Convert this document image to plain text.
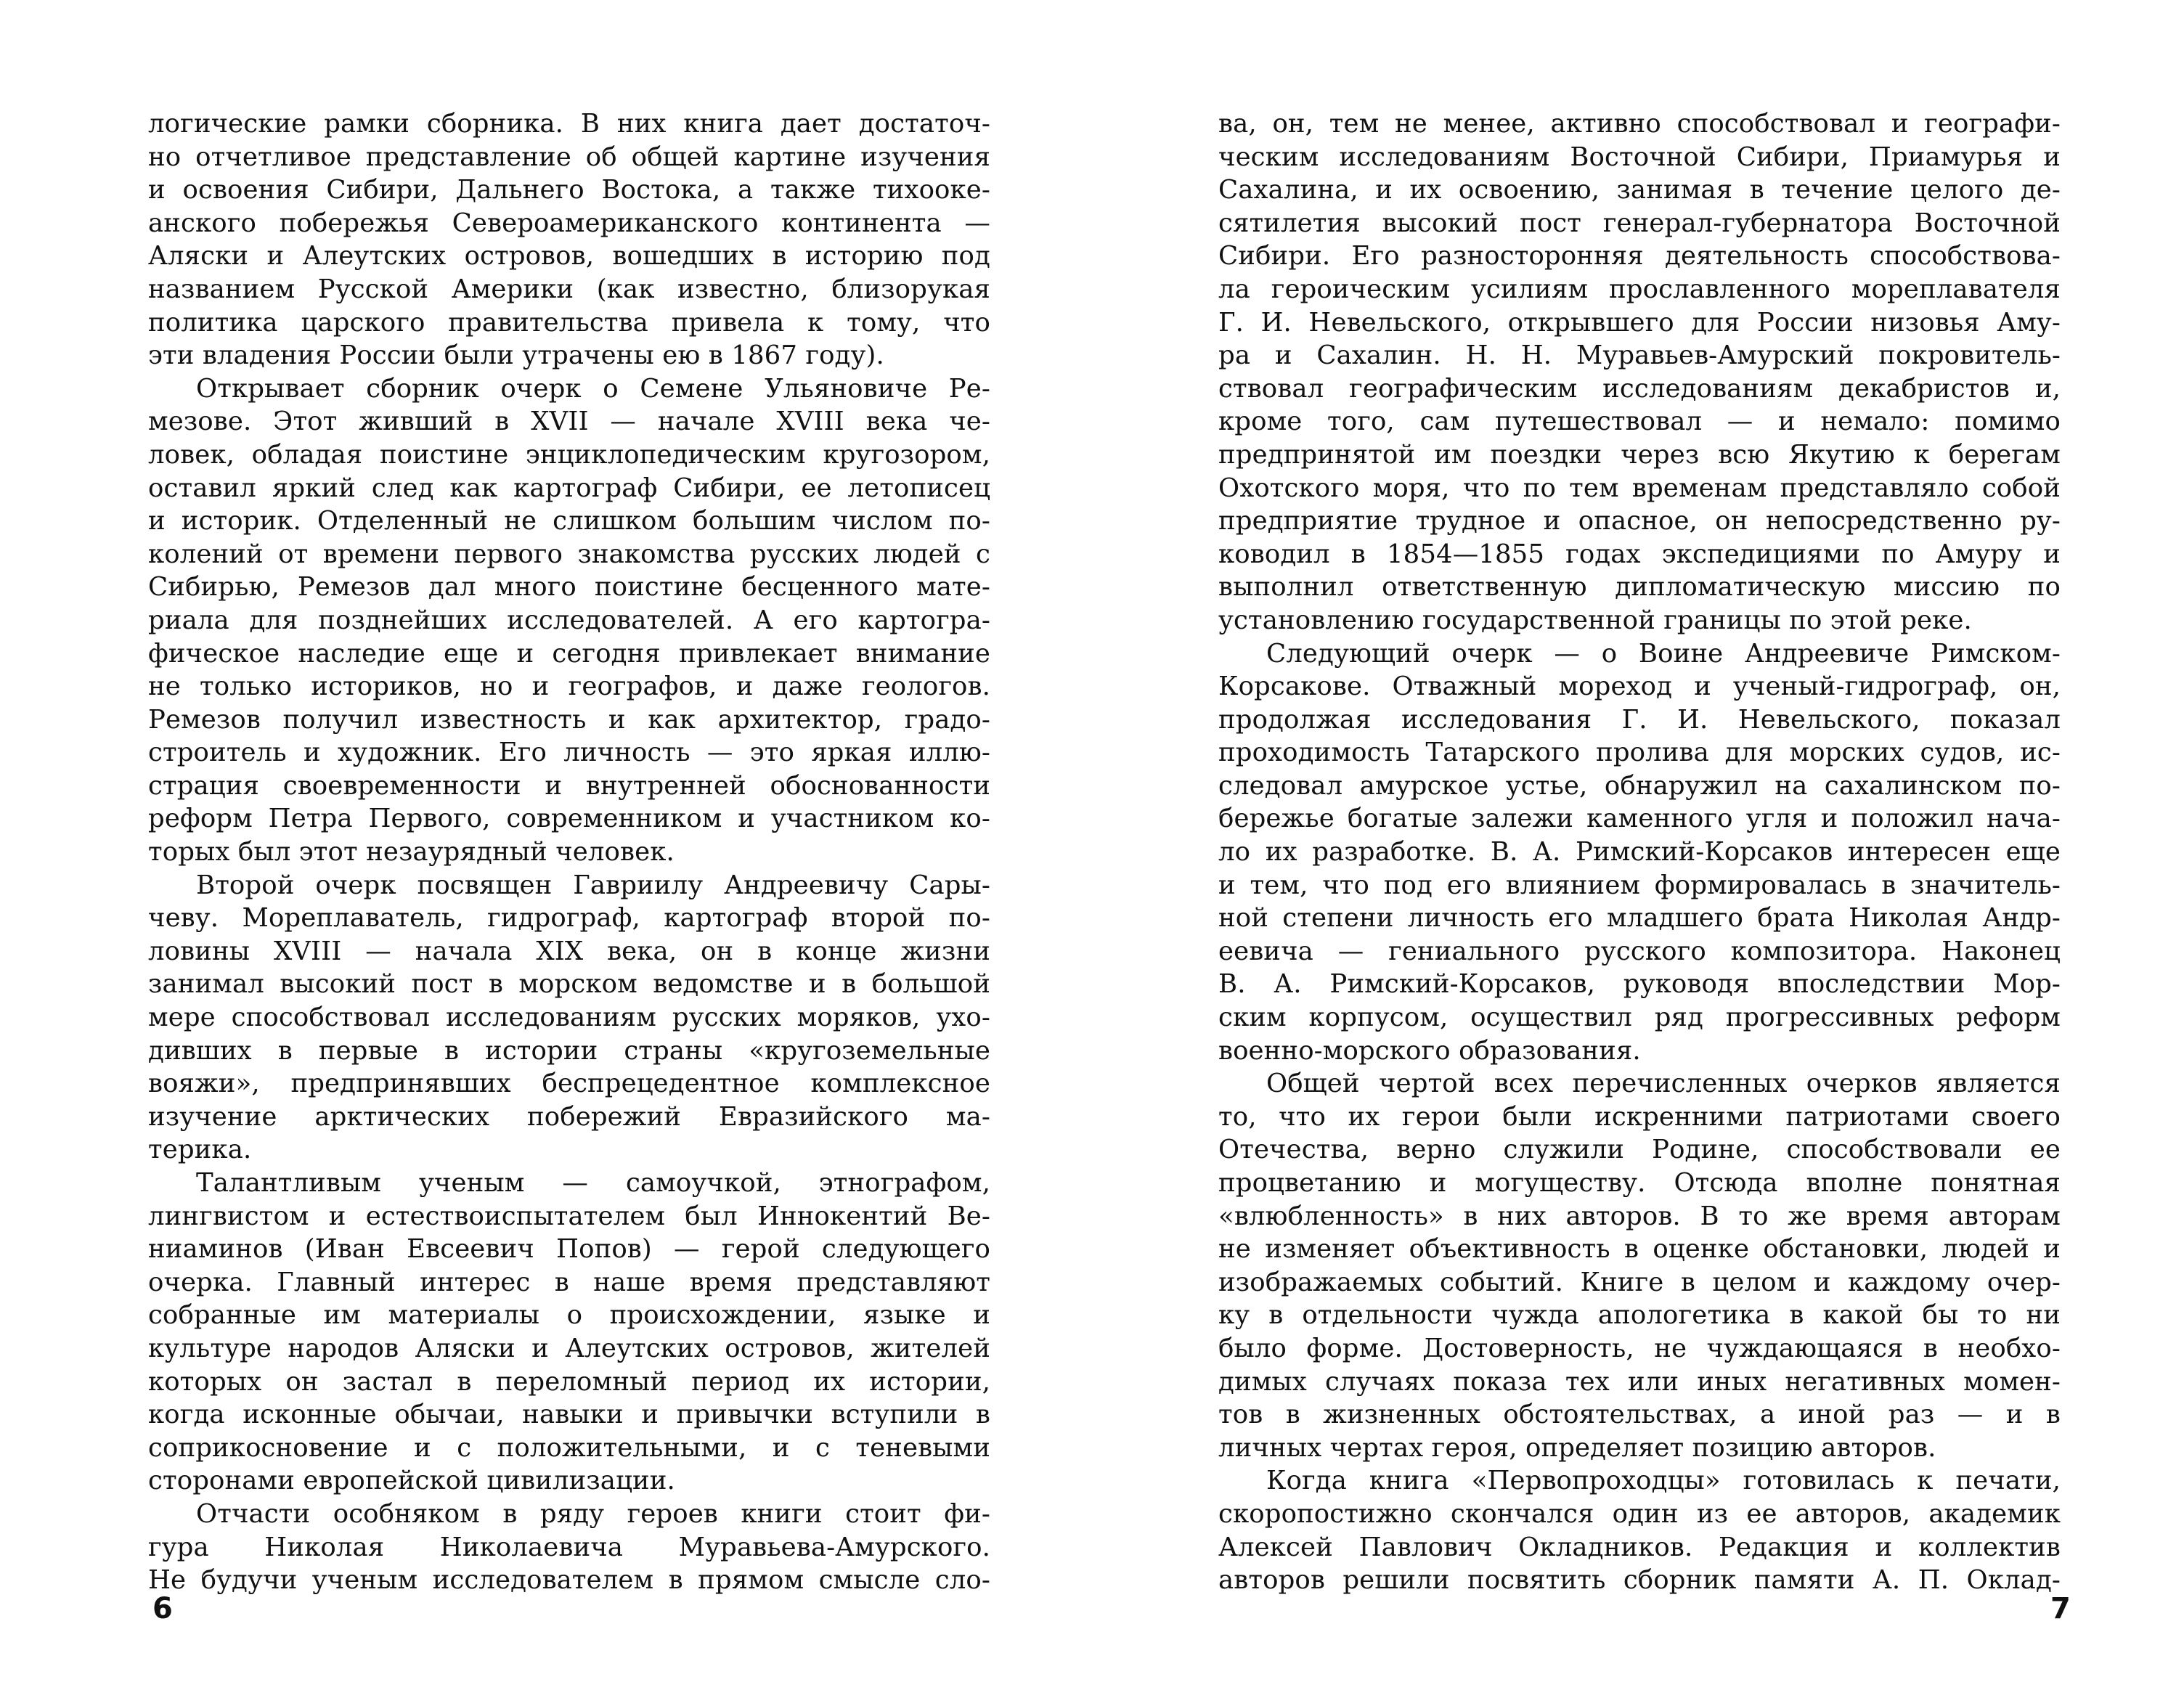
логические рамки сборника. В них книга дает достаточ-
но отчетливое представление об общей картине изучения
и освоения Сибири, Дальнего Востока, а также тихооке-
анского побережья Североамериканского континента —
Аляски и Алеутских островов, вошедших в историю под
названием Русской Америки (как известно, близорукая
политика царского правительства привела к тому, что
эти владения России были утрачены ею в 1867 году).
Открывает сборник очерк о Семене Ульяновиче Ре-
мезове. Этот живший в XVII — начале XVIII века че-
ловек, обладая поистине энциклопедическим кругозором,
оставил яркий след как картограф Сибири, ее летописец
и историк. Отделенный не слишком большим числом по-
колений от времени первого знакомства русских людей с
Сибирью, Ремезов дал много поистине бесценного мате-
риала для позднейших исследователей. А его картогра-
фическое наследие еще и сегодня привлекает внимание
не только историков, но и географов, и даже геологов.
Ремезов получил известность и как архитектор, градо-
строитель и художник. Его личность — это яркая иллю-
страция своевременности и внутренней обоснованности
реформ Петра Первого, современником и участником ко-
торых был этот незаурядный человек.
Второй очерк посвящен Гавриилу Андреевичу Сары-
чеву. Мореплаватель, гидрограф, картограф второй по-
ловины XVIII — начала XIX века, он в конце жизни
занимал высокий пост в морском ведомстве и в большой
мере способствовал исследованиям русских моряков, ухо-
дивших в первые в истории страны «кругоземельные
вояжи», предпринявших беспрецедентное комплексное
изучение арктических побережий Евразийского ма-
терика.
Талантливым ученым — самоучкой, этнографом,
лингвистом и естествоиспытателем был Иннокентий Ве-
ниаминов (Иван Евсеевич Попов) — герой следующего
очерка. Главный интерес в наше время представляют
собранные им материалы о происхождении, языке и
культуре народов Аляски и Алеутских островов, жителей
которых он застал в переломный период их истории,
когда исконные обычаи, навыки и привычки вступили в
соприкосновение и с положительными, и с теневыми
сторонами европейской цивилизации.
Отчасти особняком в ряду героев книги стоит фи-
гура Николая Николаевича Муравьева-Амурского.
Не будучи ученым исследователем в прямом смысле сло-
6
ва, он, тем не менее, активно способствовал и географи-
ческим исследованиям Восточной Сибири, Приамурья и
Сахалина, и их освоению, занимая в течение целого де-
сятилетия высокий пост генерал-губернатора Восточной
Сибири. Его разносторонняя деятельность способствова-
ла героическим усилиям прославленного мореплавателя
Г. И. Невельского, открывшего для России низовья Аму-
ра и Сахалин. Н. Н. Муравьев-Амурский покровитель-
ствовал географическим исследованиям декабристов и,
кроме того, сам путешествовал — и немало: помимо
предпринятой им поездки через всю Якутию к берегам
Охотского моря, что по тем временам представляло собой
предприятие трудное и опасное, он непосредственно ру-
ководил в 1854—1855 годах экспедициями по Амуру и
выполнил ответственную дипломатическую миссию по
установлению государственной границы по этой реке.
Следующий очерк — о Воине Андреевиче Римском-
Корсакове. Отважный мореход и ученый-гидрограф, он,
продолжая исследования Г. И. Невельского, показал
проходимость Татарского пролива для морских судов, ис-
следовал амурское устье, обнаружил на сахалинском по-
бережье богатые залежи каменного угля и положил нача-
ло их разработке. В. А. Римский-Корсаков интересен еще
и тем, что под его влиянием формировалась в значитель-
ной степени личность его младшего брата Николая Андр-
еевича — гениального русского композитора. Наконец
В. А. Римский-Корсаков, руководя впоследствии Мор-
ским корпусом, осуществил ряд прогрессивных реформ
военно-морского образования.
Общей чертой всех перечисленных очерков является
то, что их герои были искренними патриотами своего
Отечества, верно служили Родине, способствовали ее
процветанию и могуществу. Отсюда вполне понятная
«влюбленность» в них авторов. В то же время авторам
не изменяет объективность в оценке обстановки, людей и
изображаемых событий. Книге в целом и каждому очер-
ку в отдельности чужда апологетика в какой бы то ни
было форме. Достоверность, не чуждающаяся в необхо-
димых случаях показа тех или иных негативных момен-
тов в жизненных обстоятельствах, а иной раз — и в
личных чертах героя, определяет позицию авторов.
Когда книга «Первопроходцы» готовилась к печати,
скоропостижно скончался один из ее авторов, академик
Алексей Павлович Окладников. Редакция и коллектив
авторов решили посвятить сборник памяти А. П. Оклад-
7
